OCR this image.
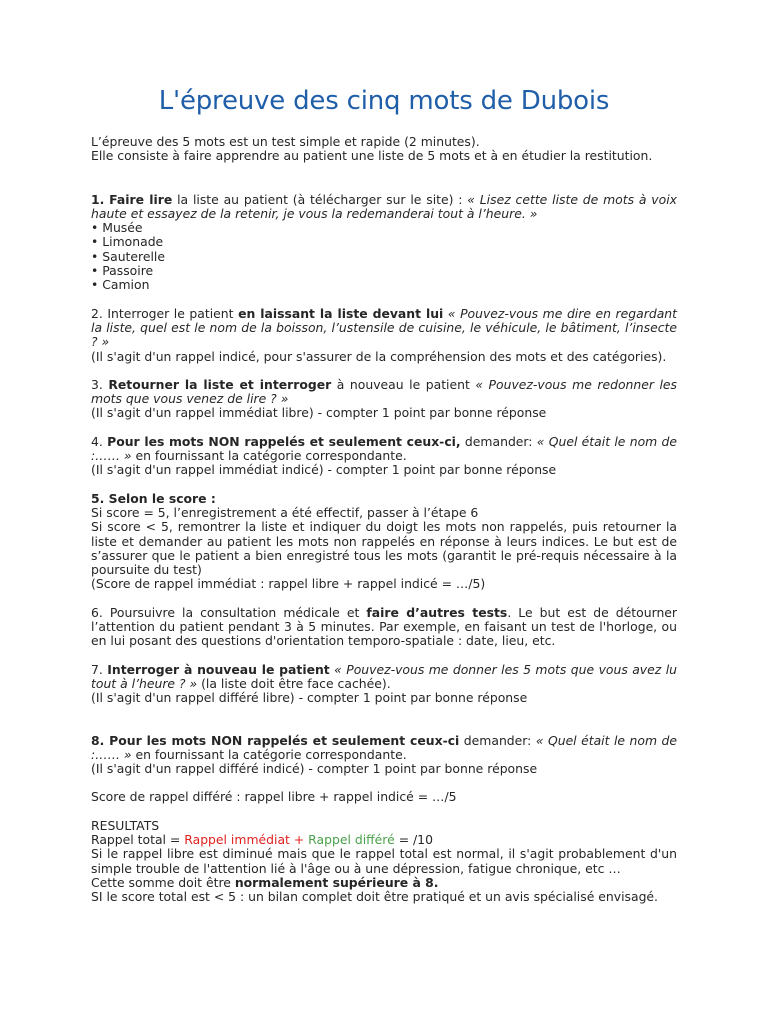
L'épreuve des cinq mots de Dubois

L’épreuve des 5 mots est un test simple et rapide (2 minutes).

Elle consiste à faire apprendre au patient une liste de 5 mots et à en étudier la restitution.

1. Faire lire la liste au patient (à télécharger sur le site) : « Lisez cette liste de mots à voix haute et essayez de la retenir, je vous la redemanderai tout à l’heure. »

• Musée

• Limonade

• Sauterelle

• Passoire

• Camion

2. Interroger le patient en laissant la liste devant lui « Pouvez-vous me dire en regardant la liste, quel est le nom de la boisson, l’ustensile de cuisine, le véhicule, le bâtiment, l’insecte ? »

(Il s'agit d'un rappel indicé, pour s'assurer de la compréhension des mots et des catégories).

3. Retourner la liste et interroger à nouveau le patient « Pouvez-vous me redonner les mots que vous venez de lire ? »

(Il s'agit d'un rappel immédiat libre) - compter 1 point par bonne réponse

4. Pour les mots NON rappelés et seulement ceux-ci, demander: « Quel était le nom de :…… » en fournissant la catégorie correspondante.

(Il s'agit d'un rappel immédiat indicé) - compter 1 point par bonne réponse

5. Selon le score :

Si score = 5, l’enregistrement a été effectif, passer à l’étape 6

Si score < 5, remontrer la liste et indiquer du doigt les mots non rappelés, puis retourner la liste et demander au patient les mots non rappelés en réponse à leurs indices. Le but est de s’assurer que le patient a bien enregistré tous les mots (garantit le pré-requis nécessaire à la poursuite du test)

(Score de rappel immédiat : rappel libre + rappel indicé = …/5)

6. Poursuivre la consultation médicale et faire d’autres tests. Le but est de détourner l’attention du patient pendant 3 à 5 minutes. Par exemple, en faisant un test de l'horloge, ou en lui posant des questions d'orientation temporo-spatiale : date, lieu, etc.

7. Interroger à nouveau le patient « Pouvez-vous me donner les 5 mots que vous avez lu tout à l’heure ? » (la liste doit être face cachée).

(Il s'agit d'un rappel différé libre) - compter 1 point par bonne réponse

8. Pour les mots NON rappelés et seulement ceux-ci demander: « Quel était le nom de :…… » en fournissant la catégorie correspondante.

(Il s'agit d'un rappel différé indicé) - compter 1 point par bonne réponse

Score de rappel différé : rappel libre + rappel indicé = …/5

RESULTATS

Rappel total = Rappel immédiat + Rappel différé = /10

Si le rappel libre est diminué mais que le rappel total est normal, il s'agit probablement d'un simple trouble de l'attention lié à l'âge ou à une dépression, fatigue chronique, etc …

Cette somme doit être normalement supérieure à 8.

SI le score total est < 5 : un bilan complet doit être pratiqué et un avis spécialisé envisagé.
